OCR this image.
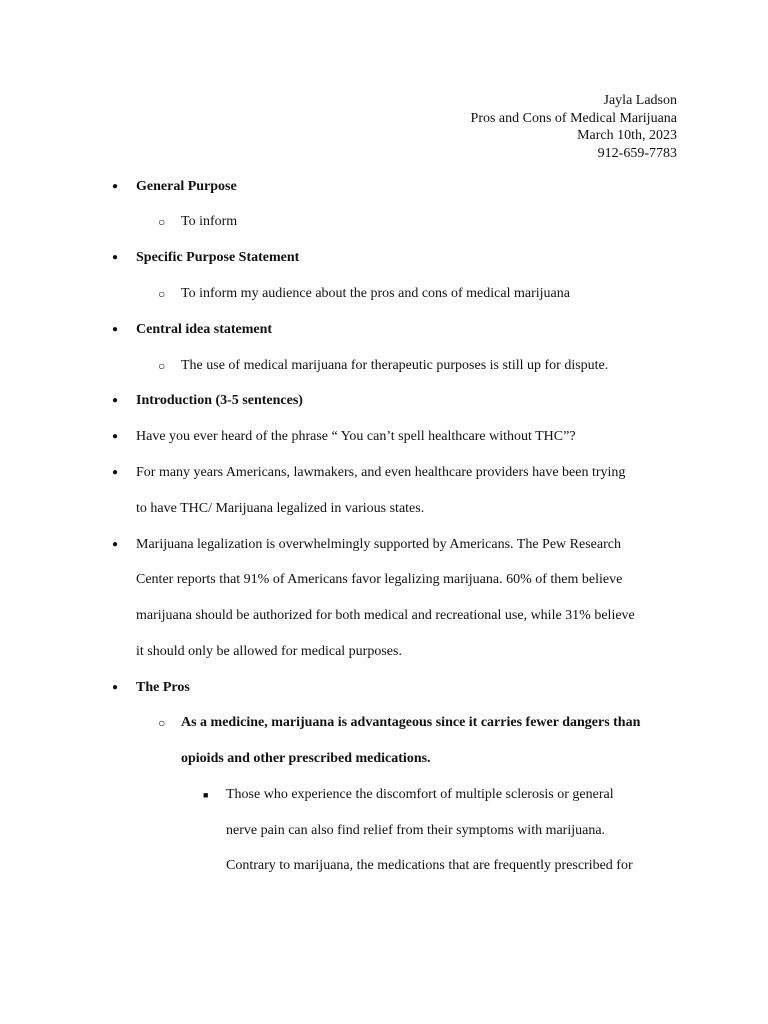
Jayla Ladson
Pros and Cons of Medical Marijuana
March 10th, 2023
912-659-7783
● General Purpose
○ To inform
● Specific Purpose Statement
○ To inform my audience about the pros and cons of medical marijuana
● Central idea statement
○ The use of medical marijuana for therapeutic purposes is still up for dispute.
● Introduction (3-5 sentences)
● Have you ever heard of the phrase “ You can’t spell healthcare without THC”?
● For many years Americans, lawmakers, and even healthcare providers have been trying
to have THC/ Marijuana legalized in various states.
● Marijuana legalization is overwhelmingly supported by Americans. The Pew Research
Center reports that 91% of Americans favor legalizing marijuana. 60% of them believe
marijuana should be authorized for both medical and recreational use, while 31% believe
it should only be allowed for medical purposes.
● The Pros
○ As a medicine, marijuana is advantageous since it carries fewer dangers than
opioids and other prescribed medications.
■ Those who experience the discomfort of multiple sclerosis or general
nerve pain can also find relief from their symptoms with marijuana.
Contrary to marijuana, the medications that are frequently prescribed for
